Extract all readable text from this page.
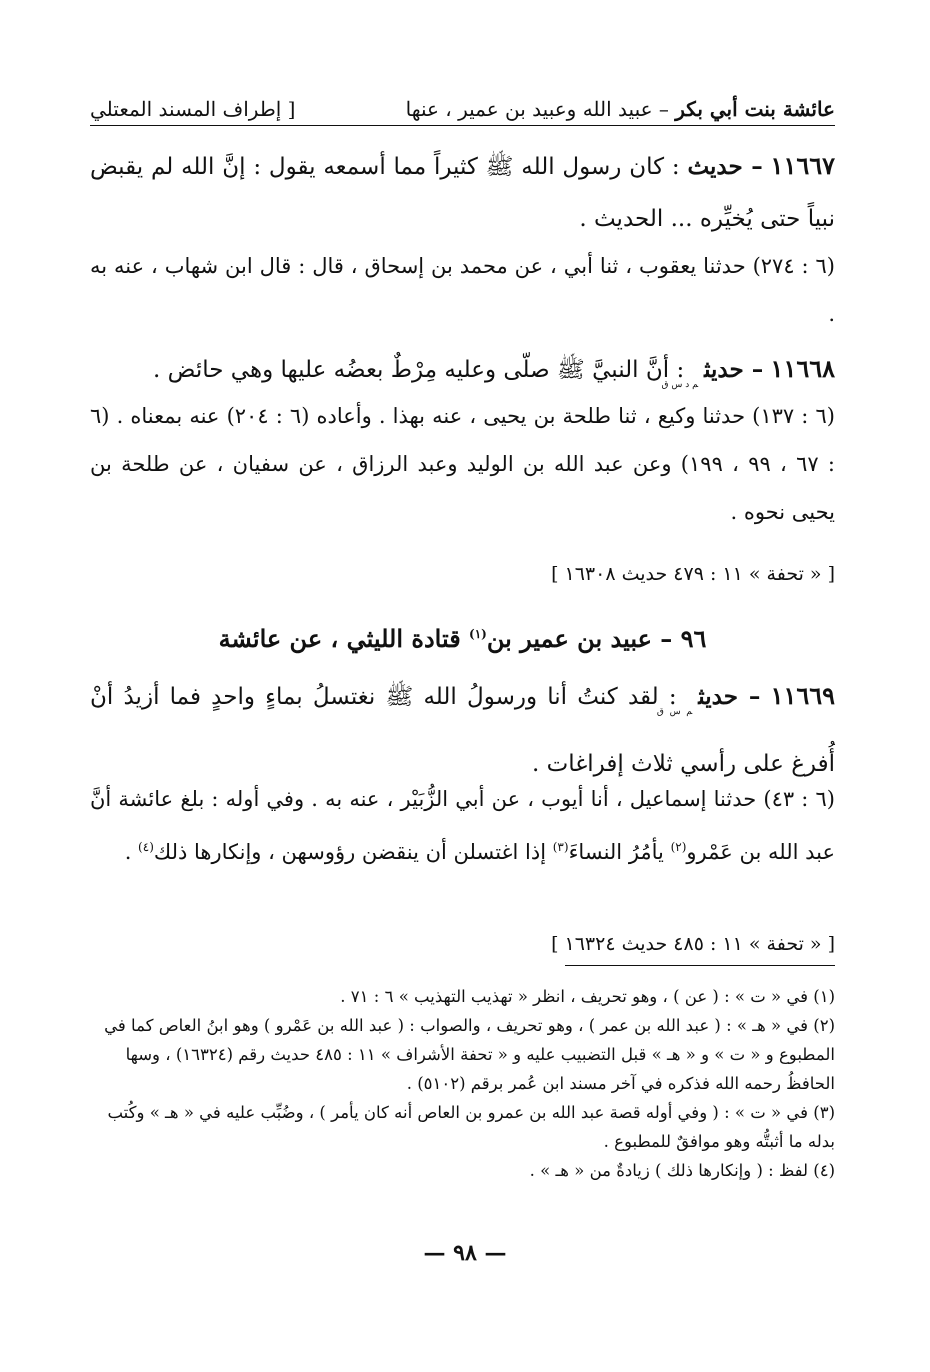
عائشة بنت أبي بكر – عبيد الله وعبيد بن عمير ، عنها
[ إطراف المسند المعتلي
١١٦٦٧ – حديث : كان رسول الله ﷺ كثيراً مما أسمعه يقول : إنَّ الله لم يقبض نبياً حتى يُخيِّره ... الحديث .
(٦ : ٢٧٤) حدثنا يعقوب ، ثنا أبي ، عن محمد بن إسحاق ، قال : قال ابن شهاب ، عنه به .
١١٦٦٨ – حديث$_{م د س ق}$ : أنَّ النبيَّ ﷺ صلّى وعليه مِرْطٌ بعضُه عليها وهي حائض .
(٦ : ١٣٧) حدثنا وكيع ، ثنا طلحة بن يحيى ، عنه بهذا . وأعاده (٦ : ٢٠٤) عنه بمعناه . (٦ : ٦٧ ، ٩٩ ، ١٩٩) وعن عبد الله بن الوليد وعبد الرزاق ، عن سفيان ، عن طلحة بن يحيى نحوه .
[ « تحفة » ١١ : ٤٧٩ حديث ١٦٣٠٨ ]
٩٦ – عبيد بن عمير بن$^{(١)}$ قتادة الليثي ، عن عائشة
١١٦٦٩ – حديث$_{م س ق}$ : لقد كنتُ أنا ورسولُ الله ﷺ نغتسلُ بماءٍ واحدٍ فما أزيدُ أنْ أُفرغ على رأسي ثلاث إفراغات .
(٦ : ٤٣) حدثنا إسماعيل ، أنا أيوب ، عن أبي الزُّبَيْر ، عنه به . وفي أوله : بلغ عائشة أنَّ عبد الله بن عَمْرو$^{(٢)}$ يأمُرُ النساءَ$^{(٣)}$ إذا اغتسلن أن ينقضن رؤوسهن ، وإنكارها ذلك$^{(٤)}$ .
[ « تحفة » ١١ : ٤٨٥ حديث ١٦٣٢٤ ]

(١) في « ت » : ( عن ) ، وهو تحريف ، انظر « تهذيب التهذيب » ٦ : ٧١ .

(٢) في « هـ » : ( عبد الله بن عمر ) ، وهو تحريف ، والصواب : ( عبد الله بن عَمْرو ) وهو ابنُ العاص كما في المطبوع و « ت » و « هـ » قبل التضبيب عليه و « تحفة الأشراف » ١١ : ٤٨٥ حديث رقم (١٦٣٢٤) ، وسها الحافظُ رحمه الله فذكره في آخر مسند ابن عُمر برقم (٥١٠٢) .

(٣) في « ت » : ( وفي أوله قصة عبد الله بن عمرو بن العاص أنه كان يأمر ) ، وضُبِّب عليه في « هـ » وكُتب بدله ما أثبتُّه وهو موافقٌ للمطبوع .

(٤) لفظ : ( وإنكارها ذلك ) زيادةٌ من « هـ » .

— ٩٨ —
